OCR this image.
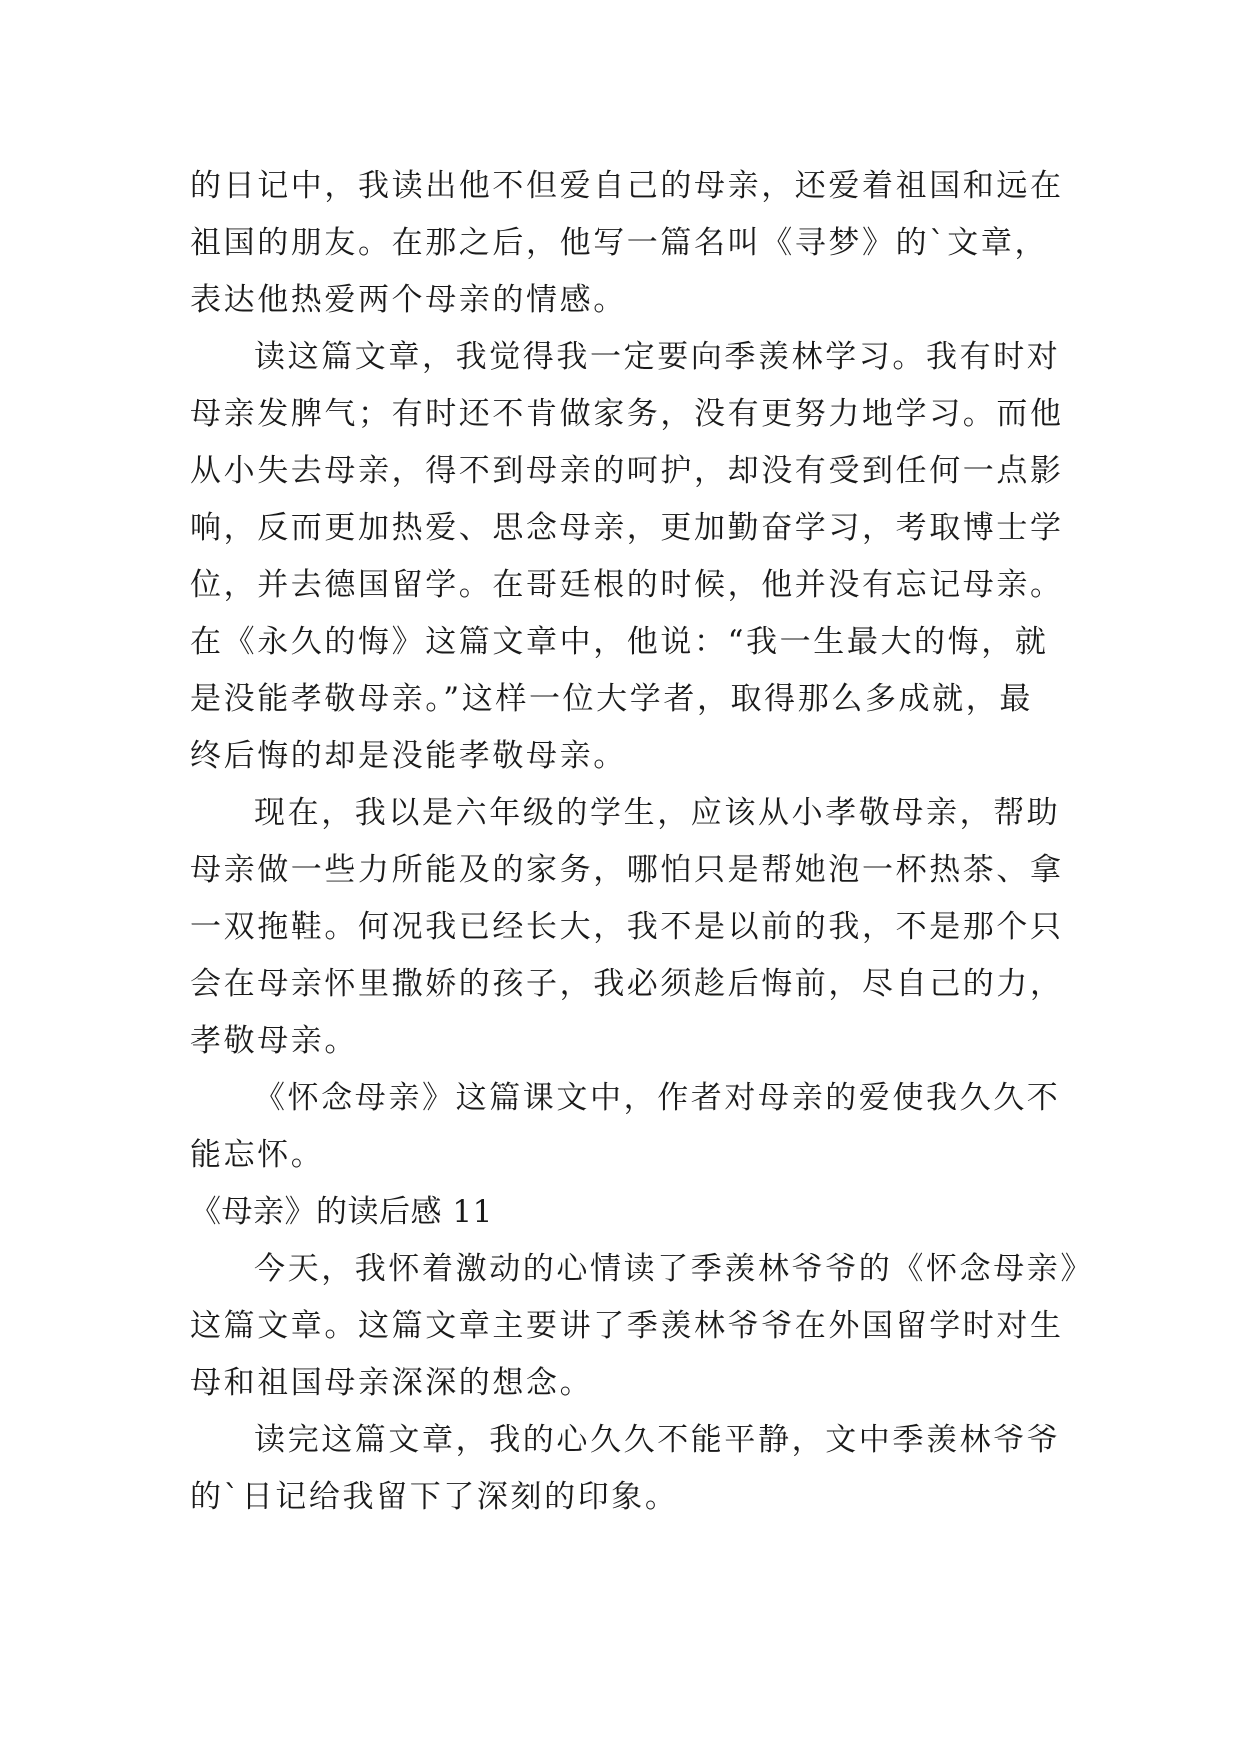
的日记中，我读出他不但爱自己的母亲，还爱着祖国和远在
祖国的朋友。在那之后，他写一篇名叫《寻梦》的`文章，
表达他热爱两个母亲的情感。
读这篇文章，我觉得我一定要向季羡林学习。我有时对
母亲发脾气；有时还不肯做家务，没有更努力地学习。而他
从小失去母亲，得不到母亲的呵护，却没有受到任何一点影
响，反而更加热爱、思念母亲，更加勤奋学习，考取博士学
位，并去德国留学。在哥廷根的时候，他并没有忘记母亲。
在《永久的悔》这篇文章中，他说：“我一生最大的悔，就
是没能孝敬母亲。”这样一位大学者，取得那么多成就，最
终后悔的却是没能孝敬母亲。
现在，我以是六年级的学生，应该从小孝敬母亲，帮助
母亲做一些力所能及的家务，哪怕只是帮她泡一杯热茶、拿
一双拖鞋。何况我已经长大，我不是以前的我，不是那个只
会在母亲怀里撒娇的孩子，我必须趁后悔前，尽自己的力，
孝敬母亲。
《怀念母亲》这篇课文中，作者对母亲的爱使我久久不
能忘怀。
《母亲》的读后感 11
今天，我怀着激动的心情读了季羡林爷爷的《怀念母亲》
这篇文章。这篇文章主要讲了季羡林爷爷在外国留学时对生
母和祖国母亲深深的想念。
读完这篇文章，我的心久久不能平静，文中季羡林爷爷
的`日记给我留下了深刻的印象。
